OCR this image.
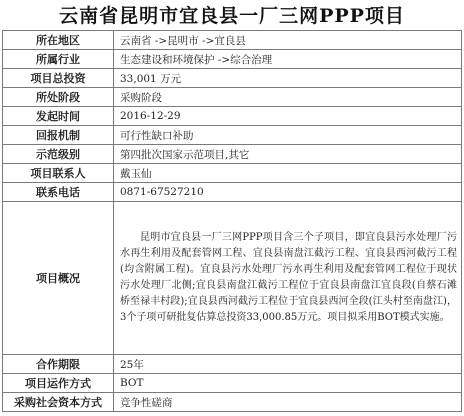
云南省昆明市宜良县一厂三网PPP项目
所在地区	云南省 ->昆明市 ->宜良县
所属行业	生态建设和环境保护 ->综合治理
项目总投资	33,001 万元
所处阶段	采购阶段
发起时间	2016-12-29
回报机制	可行性缺口补助
示范级别	第四批次国家示范项目,其它
项目联系人	戴玉仙
联系电话	0871-67527210
项目概况	昆明市宜良县一厂三网PPP项目含三个子项目，即宜良县污水处理厂污水再生利用及配套管网工程、宜良县南盘江截污工程、宜良县西河截污工程(均含附属工程)。宜良县污水处理厂污水再生利用及配套管网工程位于现状污水处理厂北侧;宜良县南盘江截污工程位于宜良县南盘江宜良段(自蔡石滩桥至禄丰村段);宜良县西河截污工程位于宜良县西河全段(江头村至南盘江)，3个子项可研批复估算总投资33,000.85万元。项目拟采用BOT模式实施。
合作期限	25年
项目运作方式	BOT
采购社会资本方式	竞争性磋商
